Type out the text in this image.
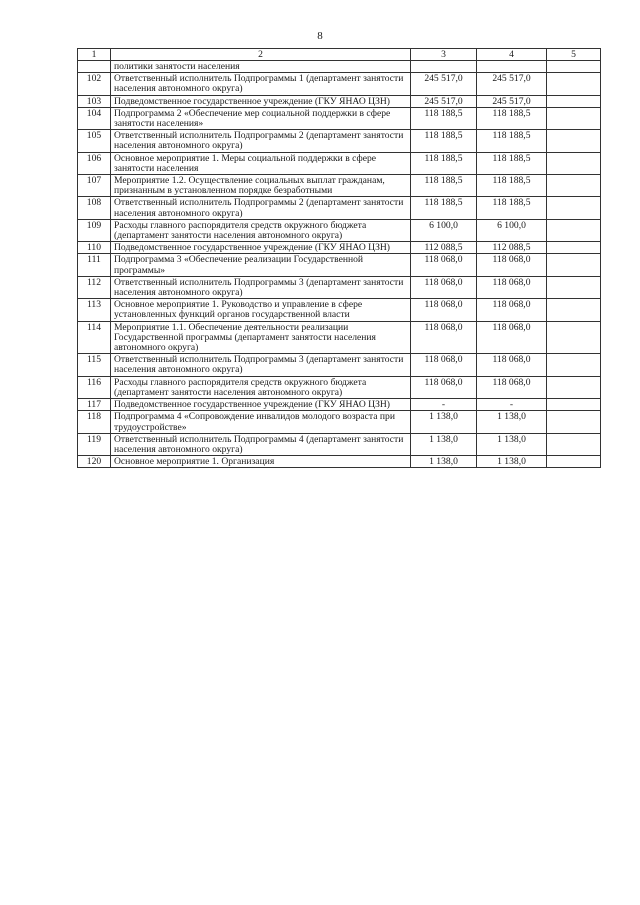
8
1	2	3	4	5
	политики занятости населения			
102	Ответственный исполнитель Подпрограммы 1 (департамент занятости населения автономного округа)	245 517,0	245 517,0	
103	Подведомственное государственное учреждение (ГКУ ЯНАО ЦЗН)	245 517,0	245 517,0	
104	Подпрограмма 2 «Обеспечение мер социальной поддержки в сфере занятости населения»	118 188,5	118 188,5	
105	Ответственный исполнитель Подпрограммы 2 (департамент занятости населения автономного округа)	118 188,5	118 188,5	
106	Основное мероприятие 1. Меры социальной поддержки в сфере занятости населения	118 188,5	118 188,5	
107	Мероприятие 1.2. Осуществление социальных выплат гражданам, признанным в установленном порядке безработными	118 188,5	118 188,5	
108	Ответственный исполнитель Подпрограммы 2 (департамент занятости населения автономного округа)	118 188,5	118 188,5	
109	Расходы главного распорядителя средств окружного бюджета (департамент занятости населения автономного округа)	6 100,0	6 100,0	
110	Подведомственное государственное учреждение (ГКУ ЯНАО ЦЗН)	112 088,5	112 088,5	
111	Подпрограмма 3 «Обеспечение реализации Государственной программы»	118 068,0	118 068,0	
112	Ответственный исполнитель Подпрограммы 3 (департамент занятости населения автономного округа)	118 068,0	118 068,0	
113	Основное мероприятие 1. Руководство и управление в сфере установленных функций органов государственной власти	118 068,0	118 068,0	
114	Мероприятие 1.1. Обеспечение деятельности реализации Государственной программы (департамент занятости населения автономного округа)	118 068,0	118 068,0	
115	Ответственный исполнитель Подпрограммы 3 (департамент занятости населения автономного округа)	118 068,0	118 068,0	
116	Расходы главного распорядителя средств окружного бюджета (департамент занятости населения автономного округа)	118 068,0	118 068,0	
117	Подведомственное государственное учреждение (ГКУ ЯНАО ЦЗН)	-	-	
118	Подпрограмма 4 «Сопровождение инвалидов молодого возраста при трудоустройстве»	1 138,0	1 138,0	
119	Ответственный исполнитель Подпрограммы 4 (департамент занятости населения автономного округа)	1 138,0	1 138,0	
120	Основное мероприятие 1. Организация	1 138,0	1 138,0	
